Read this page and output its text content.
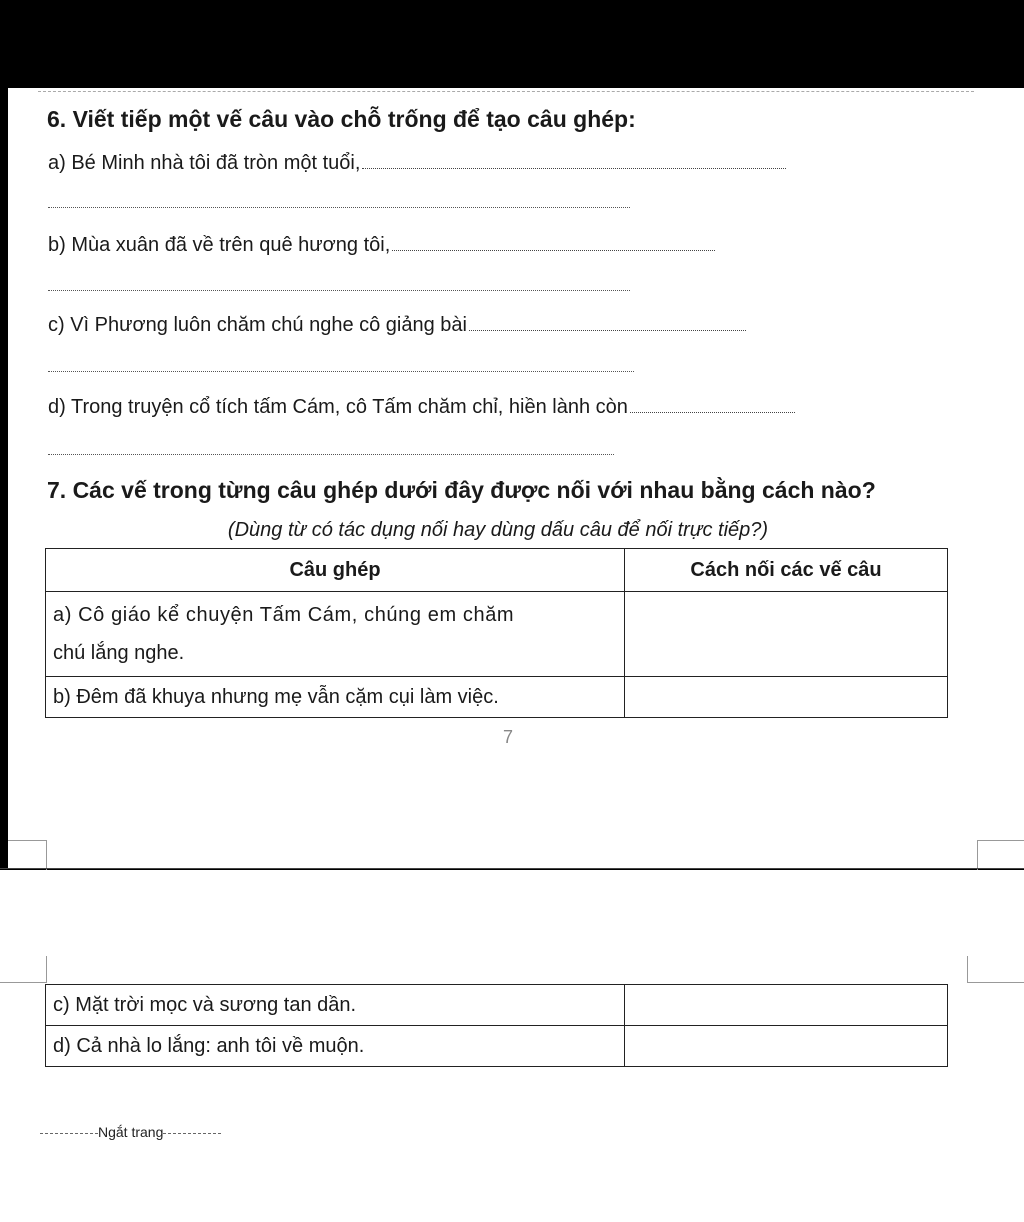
6. Viết tiếp một vế câu vào chỗ trống để tạo câu ghép:
a) Bé Minh nhà tôi đã tròn một tuổi,
b) Mùa xuân đã về trên quê hương tôi,
c) Vì Phương luôn chăm chú nghe cô giảng bài
d) Trong truyện cổ tích tấm Cám, cô Tấm chăm chỉ, hiền lành còn
7. Các vế trong từng câu ghép dưới đây được nối với nhau bằng cách nào?
(Dùng từ có tác dụng nối hay dùng dấu câu để nối trực tiếp?)
Câu ghép	Cách nối các vế câu

a) Cô giáo kể chuyện Tấm Cám, chúng em chăm
chú lắng nghe.	

b) Đêm đã khuya nhưng mẹ vẫn cặm cụi làm việc.	
7
c) Mặt trời mọc và sương tan dần.	
d) Cả nhà lo lắng: anh tôi về muộn.	
Ngắt trang
